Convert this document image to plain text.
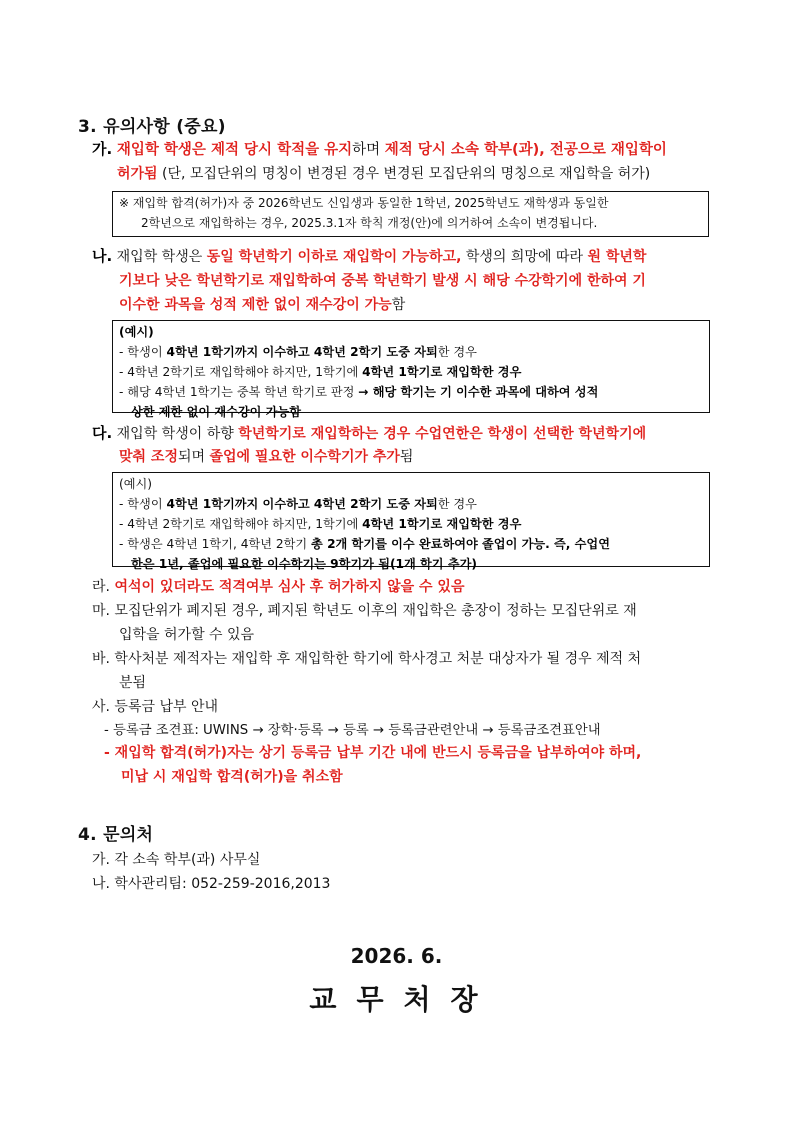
3. 유의사항 (중요)
가. 재입학 학생은 제적 당시 학적을 유지하며 제적 당시 소속 학부(과), 전공으로 재입학이
허가됨 (단, 모집단위의 명칭이 변경된 경우 변경된 모집단위의 명칭으로 재입학을 허가)
※ 재입학 합격(허가)자 중 2026학년도 신입생과 동일한 1학년, 2025학년도 재학생과 동일한
2학년으로 재입학하는 경우, 2025.3.1자 학칙 개정(안)에 의거하여 소속이 변경됩니다.
나. 재입학 학생은 동일 학년학기 이하로 재입학이 가능하고, 학생의 희망에 따라 원 학년학
기보다 낮은 학년학기로 재입학하여 중복 학년학기 발생 시 해당 수강학기에 한하여 기
이수한 과목을 성적 제한 없이 재수강이 가능함
(예시)
- 학생이 4학년 1학기까지 이수하고 4학년 2학기 도중 자퇴한 경우
- 4학년 2학기로 재입학해야 하지만, 1학기에 4학년 1학기로 재입학한 경우
- 해당 4학년 1학기는 중복 학년 학기로 판정 → 해당 학기는 기 이수한 과목에 대하여 성적
상한 제한 없이 재수강이 가능함
다. 재입학 학생이 하향 학년학기로 재입학하는 경우 수업연한은 학생이 선택한 학년학기에
맞춰 조정되며 졸업에 필요한 이수학기가 추가됨
(예시)
- 학생이 4학년 1학기까지 이수하고 4학년 2학기 도중 자퇴한 경우
- 4학년 2학기로 재입학해야 하지만, 1학기에 4학년 1학기로 재입학한 경우
- 학생은 4학년 1학기, 4학년 2학기 총 2개 학기를 이수 완료하여야 졸업이 가능. 즉, 수업연
한은 1년, 졸업에 필요한 이수학기는 9학기가 됨(1개 학기 추가)
라. 여석이 있더라도 적격여부 심사 후 허가하지 않을 수 있음
마. 모집단위가 폐지된 경우, 폐지된 학년도 이후의 재입학은 총장이 정하는 모집단위로 재
입학을 허가할 수 있음
바. 학사처분 제적자는 재입학 후 재입학한 학기에 학사경고 처분 대상자가 될 경우 제적 처
분됨
사. 등록금 납부 안내
- 등록금 조견표: UWINS → 장학·등록 → 등록 → 등록금관련안내 → 등록금조견표안내
- 재입학 합격(허가)자는 상기 등록금 납부 기간 내에 반드시 등록금을 납부하여야 하며,
미납 시 재입학 합격(허가)을 취소함
4. 문의처
가. 각 소속 학부(과) 사무실
나. 학사관리팀: 052-259-2016,2013
2026. 6.
교무처장
